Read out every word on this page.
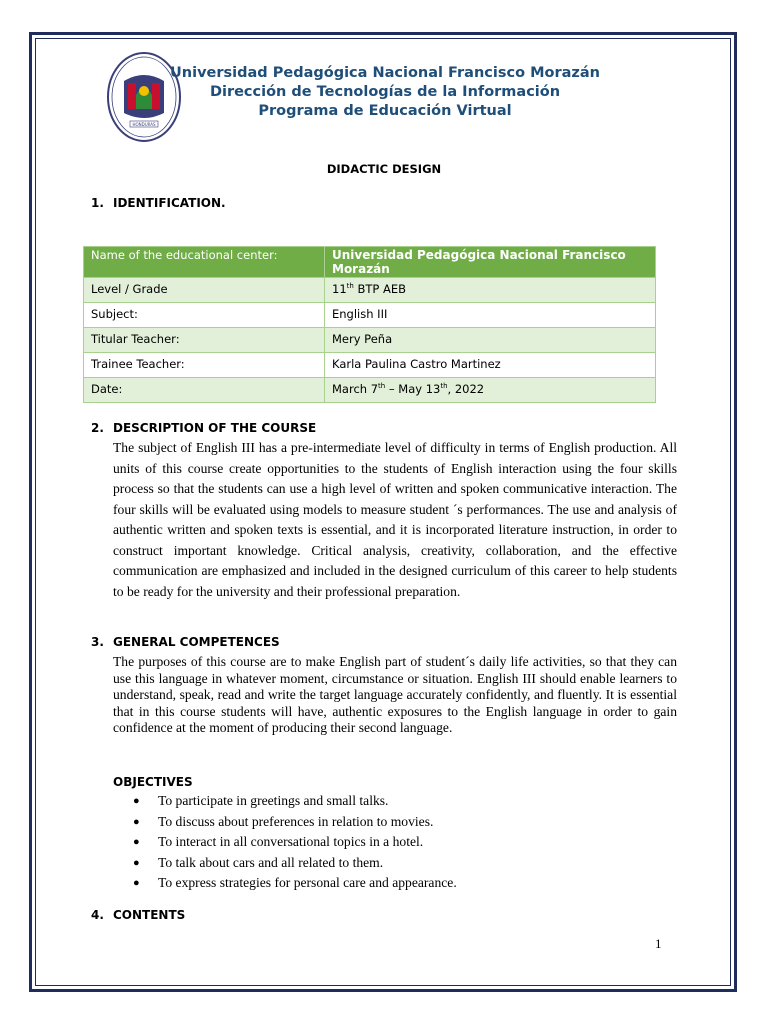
HONDURAS
Universidad Pedagógica Nacional Francisco Morazán
Dirección de Tecnologías de la Información
Programa de Educación Virtual
DIDACTIC DESIGN
1. IDENTIFICATION.
Name of the educational center:	Universidad Pedagógica Nacional Francisco Morazán
Level / Grade	11th BTP AEB
Subject:	English III
Titular Teacher:	Mery Peña
Trainee Teacher:	Karla Paulina Castro Martinez
Date:	March 7th – May 13th, 2022
2. DESCRIPTION OF THE COURSE
The subject of English III has a pre-intermediate level of difficulty in terms of English production. All units of this course create opportunities to the students of English interaction using the four skills process so that the students can use a high level of written and spoken communicative interaction. The four skills will be evaluated using models to measure student ´s performances. The use and analysis of authentic written and spoken texts is essential, and it is incorporated literature instruction, in order to construct important knowledge. Critical analysis, creativity, collaboration, and the effective communication are emphasized and included in the designed curriculum of this career to help students to be ready for the university and their professional preparation.
3. GENERAL COMPETENCES
The purposes of this course are to make English part of student´s daily life activities, so that they can use this language in whatever moment, circumstance or situation. English III should enable learners to understand, speak, read and write the target language accurately confidently, and fluently. It is essential that in this course students will have, authentic exposures to the English language in order to gain confidence at the moment of producing their second language.
OBJECTIVES
● To participate in greetings and small talks.
● To discuss about preferences in relation to movies.
● To interact in all conversational topics in a hotel.
● To talk about cars and all related to them.
● To express strategies for personal care and appearance.
4. CONTENTS
1
